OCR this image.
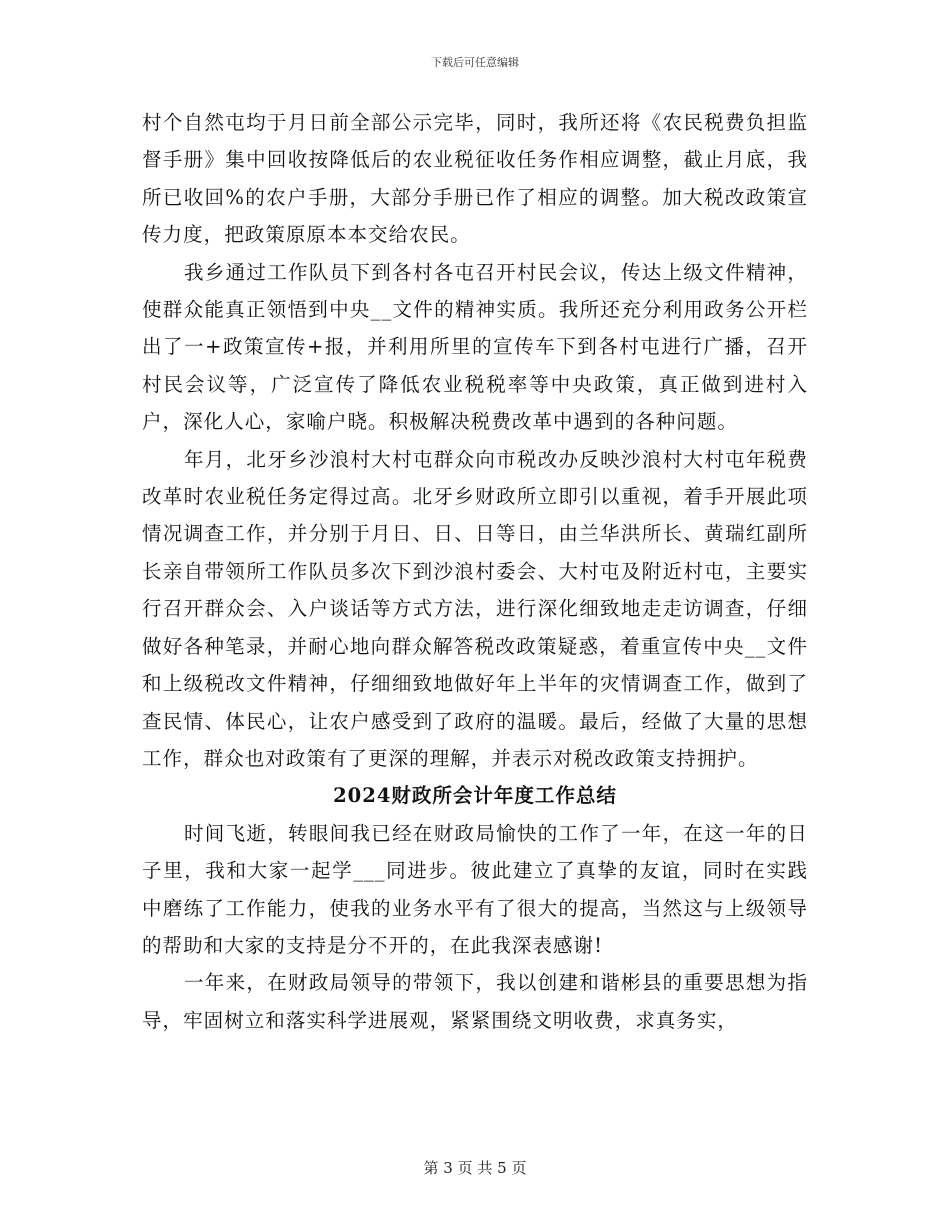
下载后可任意编辑

村个自然屯均于月日前全部公示完毕，同时，我所还将《农民税费负担监督手册》集中回收按降低后的农业税征收任务作相应调整，截止月底，我所已收回%的农户手册，大部分手册已作了相应的调整。加大税改政策宣传力度，把政策原原本本交给农民。

我乡通过工作队员下到各村各屯召开村民会议，传达上级文件精神，使群众能真正领悟到中央__文件的精神实质。我所还充分利用政务公开栏出了一+政策宣传+报，并利用所里的宣传车下到各村屯进行广播，召开村民会议等，广泛宣传了降低农业税税率等中央政策，真正做到进村入户，深化人心，家喻户晓。积极解决税费改革中遇到的各种问题。

年月，北牙乡沙浪村大村屯群众向市税改办反映沙浪村大村屯年税费改革时农业税任务定得过高。北牙乡财政所立即引以重视，着手开展此项情况调查工作，并分别于月日、日、日等日，由兰华洪所长、黄瑞红副所长亲自带领所工作队员多次下到沙浪村委会、大村屯及附近村屯，主要实行召开群众会、入户谈话等方式方法，进行深化细致地走走访调查，仔细做好各种笔录，并耐心地向群众解答税改政策疑惑，着重宣传中央__文件和上级税改文件精神，仔细细致地做好年上半年的灾情调查工作，做到了查民情、体民心，让农户感受到了政府的温暖。最后，经做了大量的思想工作，群众也对政策有了更深的理解，并表示对税改政策支持拥护。

2024财政所会计年度工作总结

时间飞逝，转眼间我已经在财政局愉快的工作了一年，在这一年的日子里，我和大家一起学___同进步。彼此建立了真挚的友谊，同时在实践中磨练了工作能力，使我的业务水平有了很大的提高，当然这与上级领导的帮助和大家的支持是分不开的，在此我深表感谢!

一年来，在财政局领导的带领下，我以创建和谐彬县的重要思想为指导，牢固树立和落实科学进展观，紧紧围绕文明收费，求真务实，

第 3 页 共 5 页
